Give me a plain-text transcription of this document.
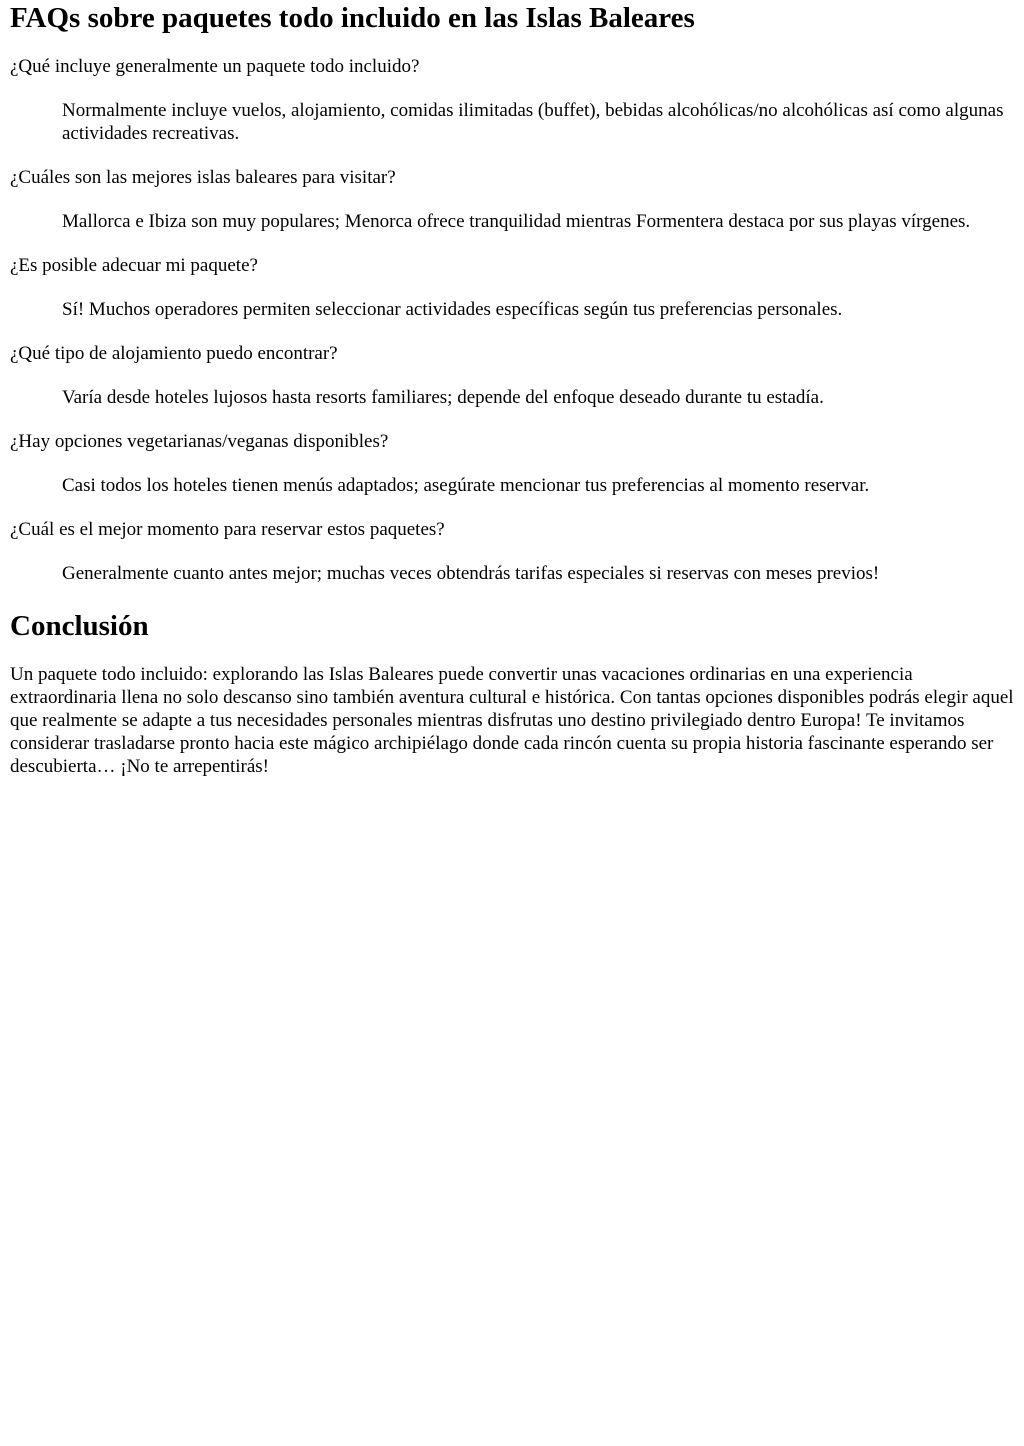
FAQs sobre paquetes todo incluido en las Islas Baleares
¿Qué incluye generalmente un paquete todo incluido?
Normalmente incluye vuelos, alojamiento, comidas ilimitadas (buffet), bebidas alcohólicas/no alcohólicas así como algunas actividades recreativas.
¿Cuáles son las mejores islas baleares para visitar?
Mallorca e Ibiza son muy populares; Menorca ofrece tranquilidad mientras Formentera destaca por sus playas vírgenes.
¿Es posible adecuar mi paquete?
Sí! Muchos operadores permiten seleccionar actividades específicas según tus preferencias personales.
¿Qué tipo de alojamiento puedo encontrar?
Varía desde hoteles lujosos hasta resorts familiares; depende del enfoque deseado durante tu estadía.
¿Hay opciones vegetarianas/veganas disponibles?
Casi todos los hoteles tienen menús adaptados; asegúrate mencionar tus preferencias al momento reservar.
¿Cuál es el mejor momento para reservar estos paquetes?
Generalmente cuanto antes mejor; muchas veces obtendrás tarifas especiales si reservas con meses previos!
Conclusión

Un paquete todo incluido: explorando las Islas Baleares puede convertir unas vacaciones ordinarias en una experiencia extraordinaria llena no solo descanso sino también aventura cultural e histórica. Con tantas opciones disponibles podrás elegir aquel que realmente se adapte a tus necesidades personales mientras disfrutas uno destino privilegiado dentro Europa! Te invitamos considerar trasladarse pronto hacia este mágico archipiélago donde cada rincón cuenta su propia historia fascinante esperando ser descubierta… ¡No te arrepentirás!
